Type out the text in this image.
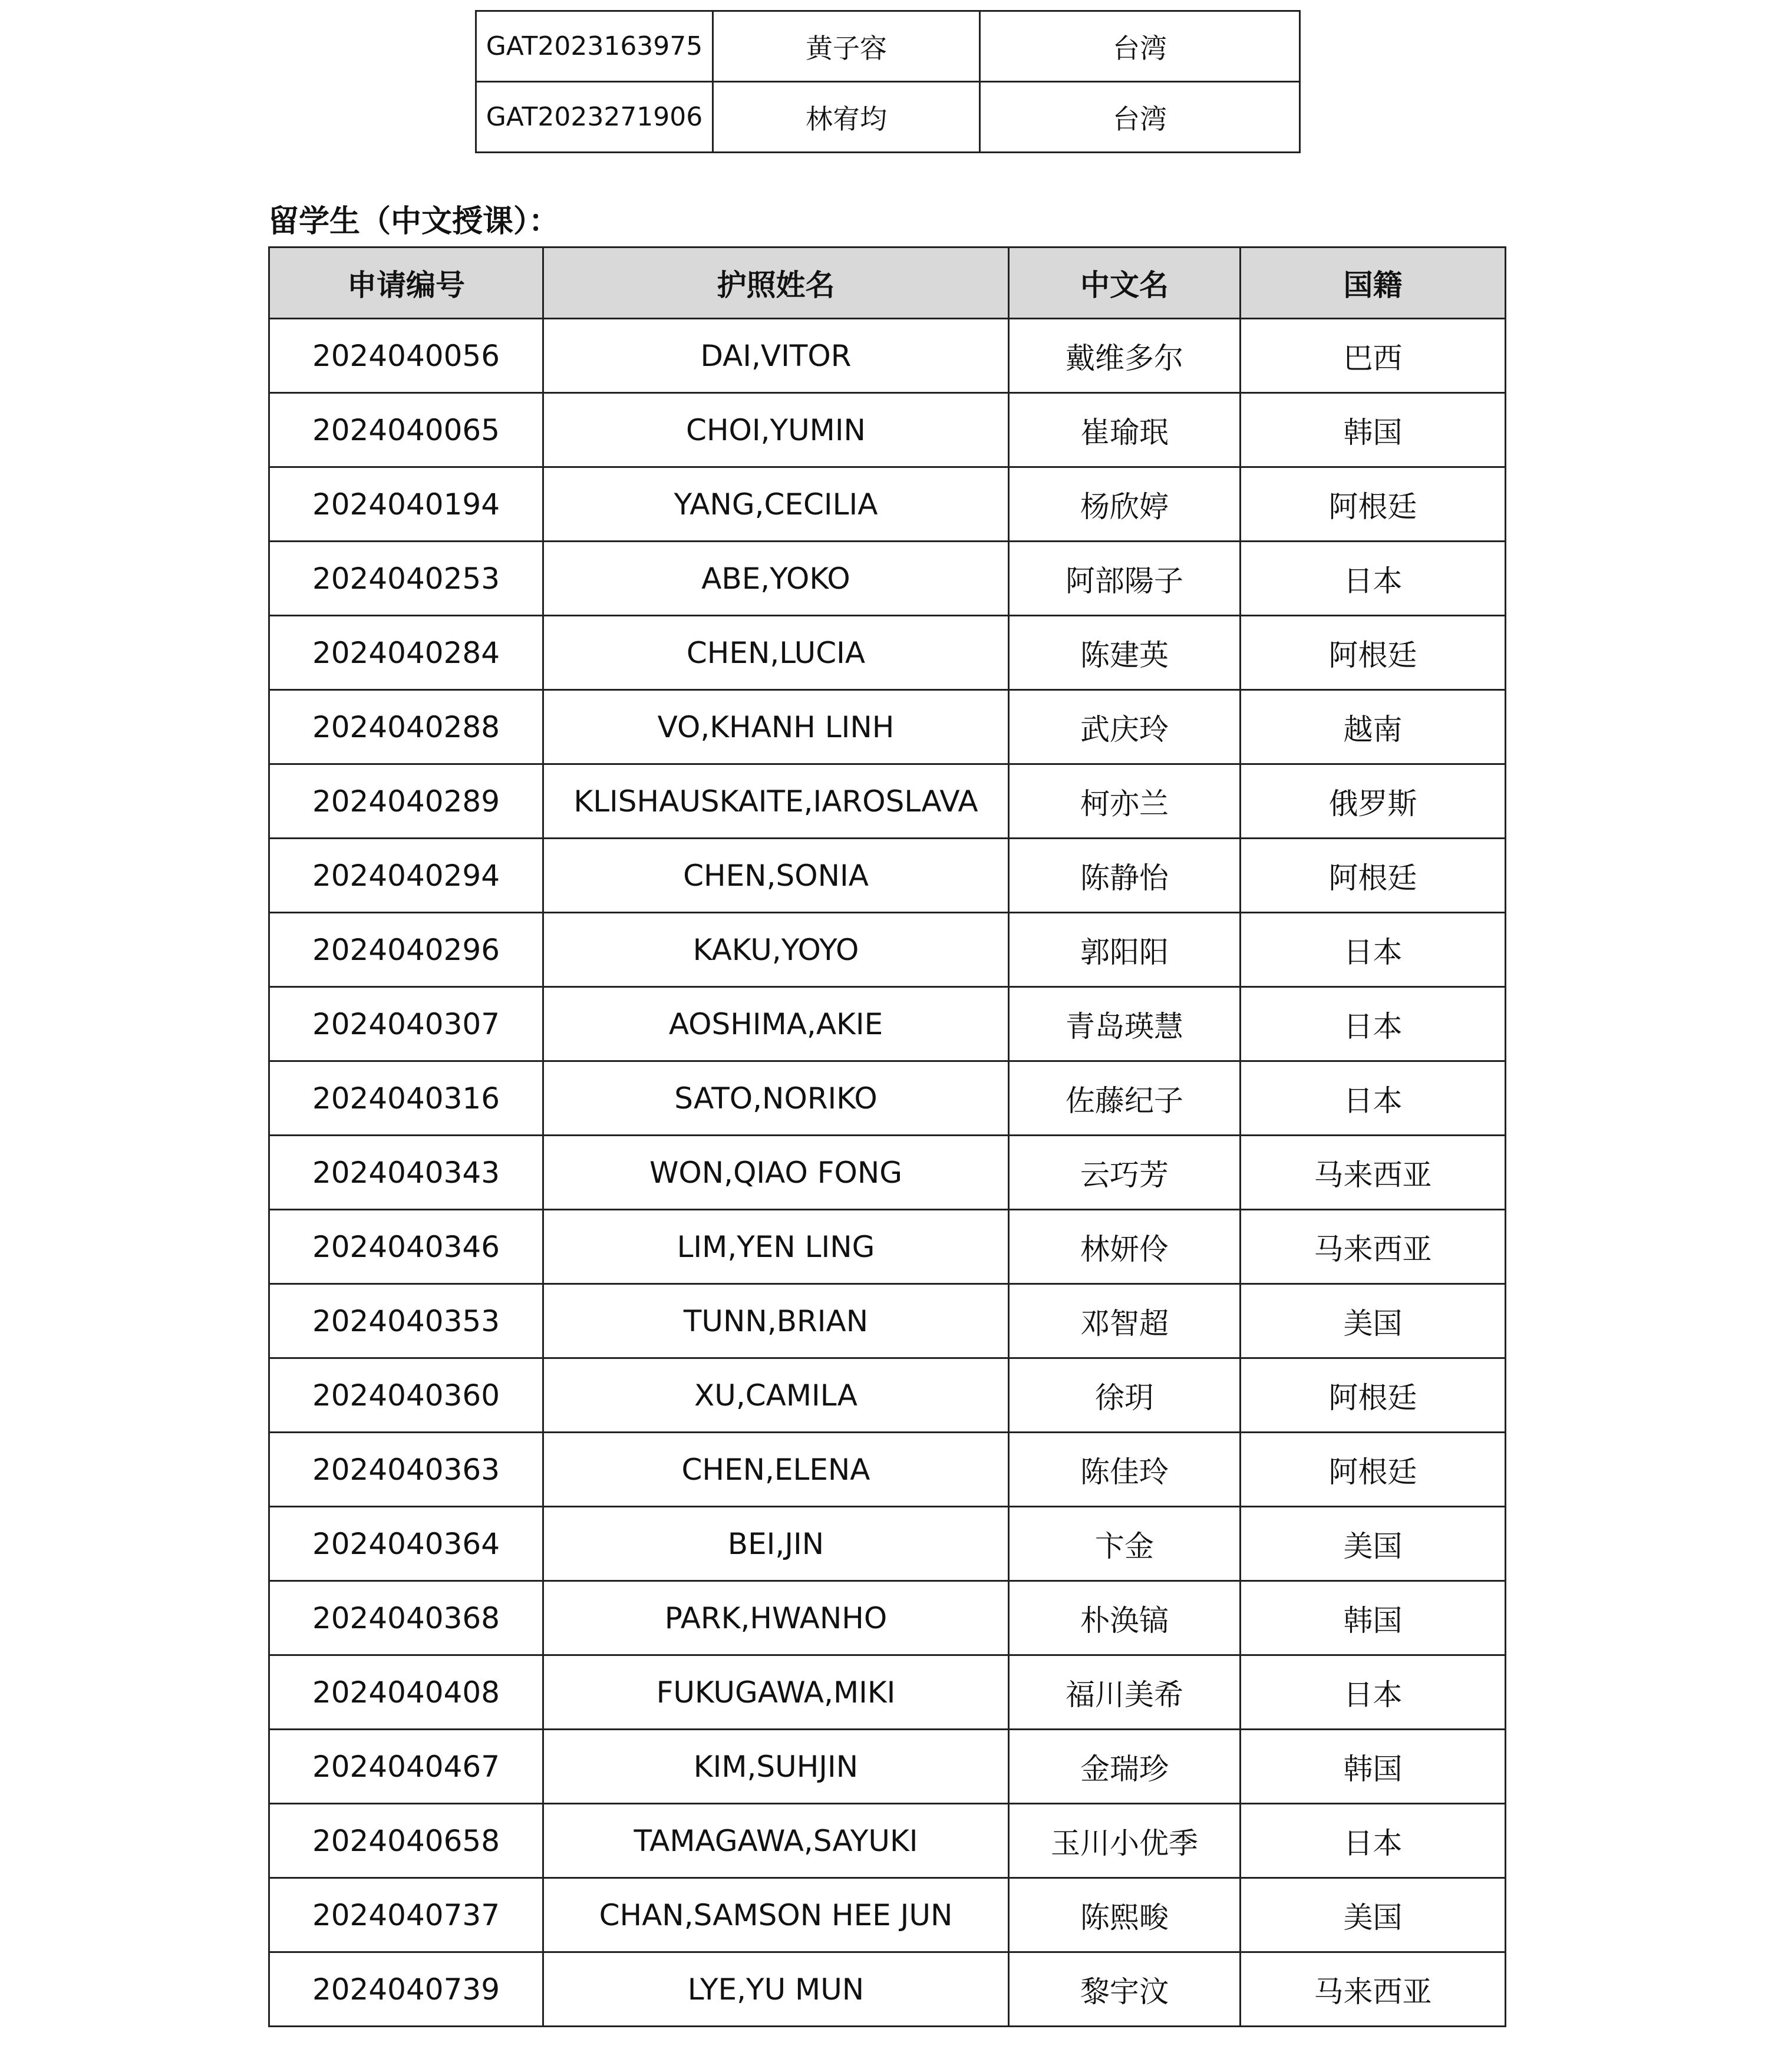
GAT2023163975	黄子容	台湾
GAT2023271906	林宥均	台湾
留学生（中文授课）：
申请编号	护照姓名	中文名	国籍
2024040056	DAI,VITOR	戴维多尔	巴西
2024040065	CHOI,YUMIN	崔瑜珉	韩国
2024040194	YANG,CECILIA	杨欣婷	阿根廷
2024040253	ABE,YOKO	阿部陽子	日本
2024040284	CHEN,LUCIA	陈建英	阿根廷
2024040288	VO,KHANH LINH	武庆玲	越南
2024040289	KLISHAUSKAITE,IAROSLAVA	柯亦兰	俄罗斯
2024040294	CHEN,SONIA	陈静怡	阿根廷
2024040296	KAKU,YOYO	郭阳阳	日本
2024040307	AOSHIMA,AKIE	青岛瑛慧	日本
2024040316	SATO,NORIKO	佐藤纪子	日本
2024040343	WON,QIAO FONG	云巧芳	马来西亚
2024040346	LIM,YEN LING	林妍伶	马来西亚
2024040353	TUNN,BRIAN	邓智超	美国
2024040360	XU,CAMILA	徐玥	阿根廷
2024040363	CHEN,ELENA	陈佳玲	阿根廷
2024040364	BEI,JIN	卞金	美国
2024040368	PARK,HWANHO	朴涣镐	韩国
2024040408	FUKUGAWA,MIKI	福川美希	日本
2024040467	KIM,SUHJIN	金瑞珍	韩国
2024040658	TAMAGAWA,SAYUKI	玉川小优季	日本
2024040737	CHAN,SAMSON HEE JUN	陈熙畯	美国
2024040739	LYE,YU MUN	黎宇汶	马来西亚
